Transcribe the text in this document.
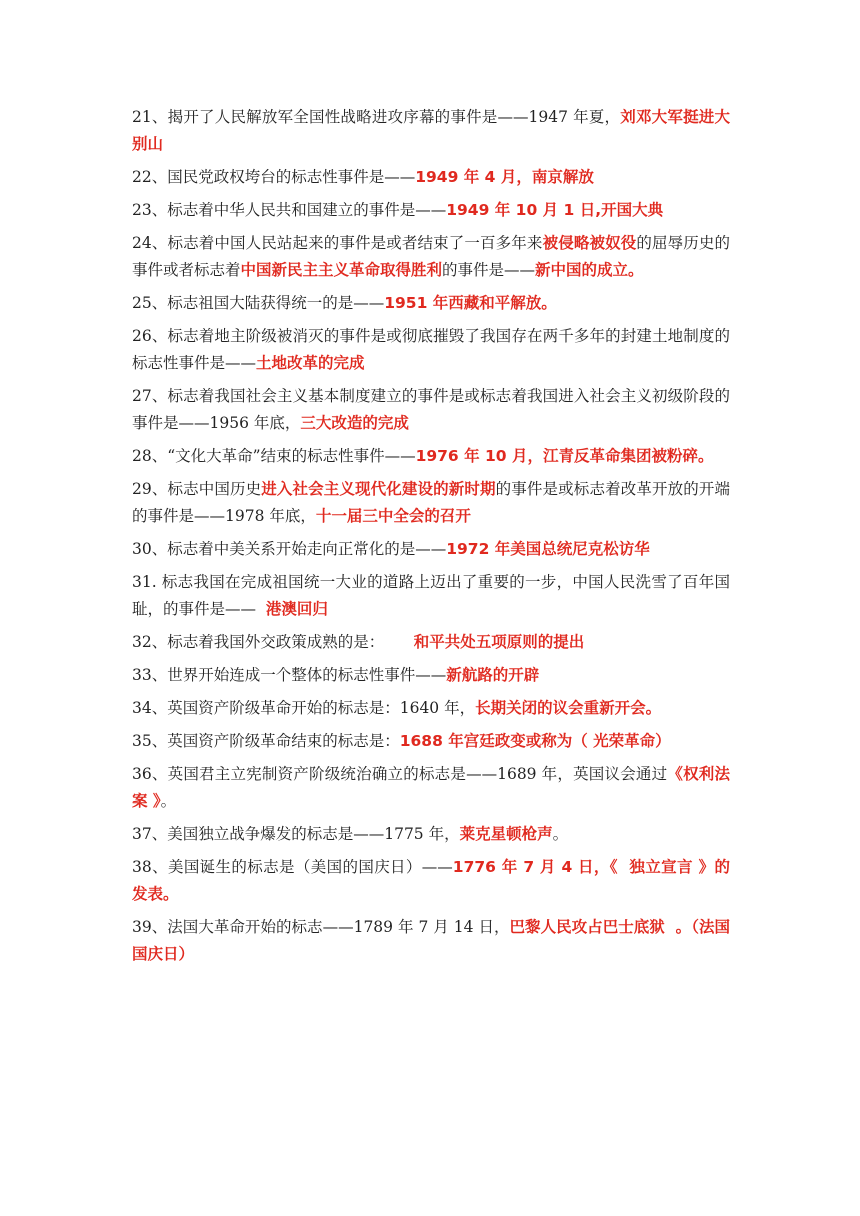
21、揭开了人民解放军全国性战略进攻序幕的事件是——1947 年夏，刘邓大军挺进大别山

22、国民党政权垮台的标志性事件是——1949 年 4 月，南京解放

23、标志着中华人民共和国建立的事件是——1949 年 10 月 1 日,开国大典

24、标志着中国人民站起来的事件是或者结束了一百多年来被侵略被奴役的屈辱历史的事件或者标志着中国新民主主义革命取得胜利的事件是——新中国的成立。

25、标志祖国大陆获得统一的是——1951 年西藏和平解放。

26、标志着地主阶级被消灭的事件是或彻底摧毁了我国存在两千多年的封建土地制度的标志性事件是——土地改革的完成

27、标志着我国社会主义基本制度建立的事件是或标志着我国进入社会主义初级阶段的事件是——1956 年底，三大改造的完成

28、“文化大革命”结束的标志性事件——1976 年 10 月，江青反革命集团被粉碎。

29、标志中国历史进入社会主义现代化建设的新时期的事件是或标志着改革开放的开端的事件是——1978 年底，十一届三中全会的召开

30、标志着中美关系开始走向正常化的是——1972 年美国总统尼克松访华

31. 标志我国在完成祖国统一大业的道路上迈出了重要的一步，中国人民洗雪了百年国耻，的事件是——  港澳回归

32、标志着我国外交政策成熟的是：      和平共处五项原则的提出

33、世界开始连成一个整体的标志性事件——新航路的开辟

34、英国资产阶级革命开始的标志是：1640 年，长期关闭的议会重新开会。

35、英国资产阶级革命结束的标志是：1688 年宫廷政变或称为（ 光荣革命）

36、英国君主立宪制资产阶级统治确立的标志是——1689 年，英国议会通过《权利法案 》。

37、美国独立战争爆发的标志是——1775 年，莱克星顿枪声。

38、美国诞生的标志是（美国的国庆日）——1776 年 7 月 4 日，《  独立宣言 》的发表。

39、法国大革命开始的标志——1789 年 7 月 14 日，巴黎人民攻占巴士底狱  。（法国国庆日）
